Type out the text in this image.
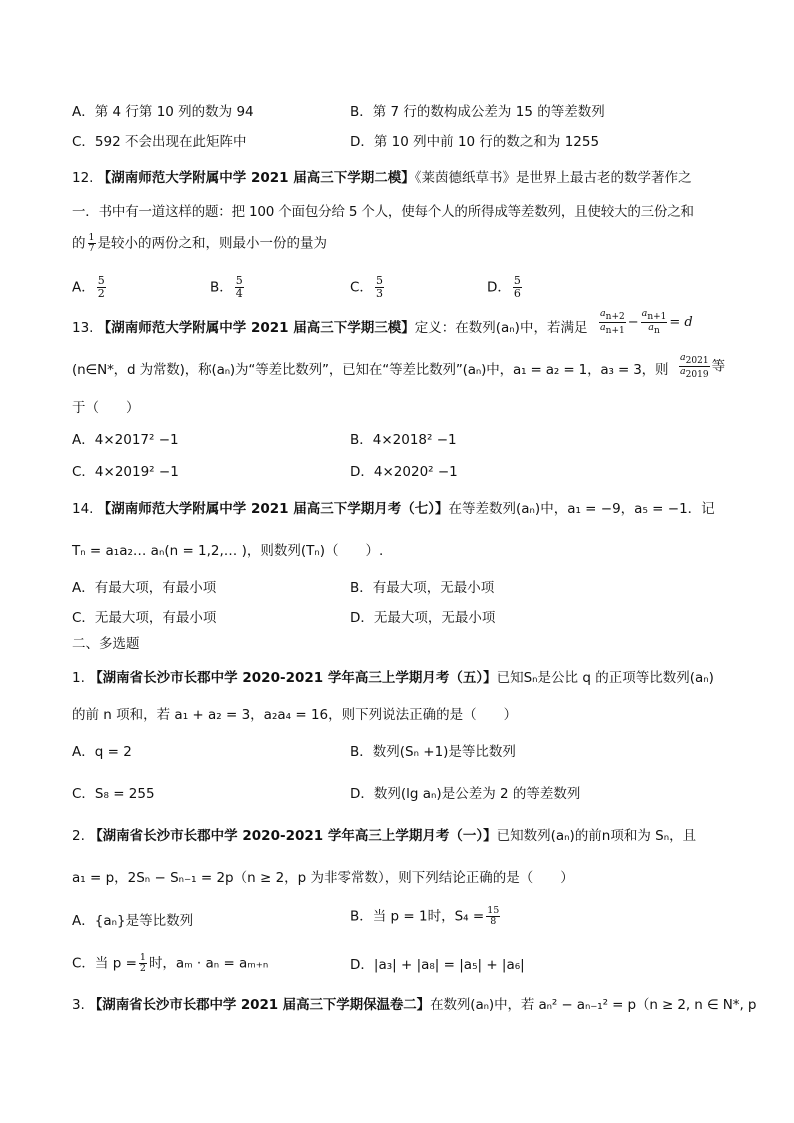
A．第 4 行第 10 列的数为 94	B．第 7 行的数构成公差为 15 的等差数列
C．592 不会出现在此矩阵中	D．第 10 列中前 10 行的数之和为 1255
12. 【湖南师范大学附属中学 2021 届高三下学期二模】《莱茵德纸草书》是世界上最古老的数学著作之
一．书中有一道这样的题：把 100 个面包分给 5 个人，使每个人的所得成等差数列，且使较大的三份之和
的 $\frac{1}{7}$ 是较小的两份之和，则最小一份的量为
A． $\frac{5}{2}$	B． $\frac{5}{4}$	C． $\frac{5}{3}$	D． $\frac{5}{6}$
13. 【湖南师范大学附属中学 2021 届高三下学期三模】定义：在数列(aₙ)中，若满足 $\frac{an+2}{an+1} - \frac{an+1}{an} = d$
(n∈N*，d 为常数)，称(aₙ)为“等差比数列”，已知在“等差比数列”(aₙ)中，a₁ = a₂ = 1，a₃ = 3，则 $\frac{a2021}{a2019}$ 等
于（　　）
A．4×2017² −1	B．4×2018² −1
C．4×2019² −1	D．4×2020² −1
14. 【湖南师范大学附属中学 2021 届高三下学期月考（七）】在等差数列(aₙ)中，a₁ = −9，a₅ = −1．记
Tₙ = a₁a₂… aₙ(n = 1,2,… )，则数列(Tₙ)（　　）.
A．有最大项，有最小项	B．有最大项，无最小项
C．无最大项，有最小项	D．无最大项，无最小项
二、多选题
1. 【湖南省长沙市长郡中学 2020-2021 学年高三上学期月考（五）】已知Sₙ是公比 q 的正项等比数列(aₙ)
的前 n 项和，若 a₁ + a₂ = 3，a₂a₄ = 16，则下列说法正确的是（　　）
A．q = 2	B．数列(Sₙ +1)是等比数列
C．S₈ = 255	D．数列(lg aₙ)是公差为 2 的等差数列
2. 【湖南省长沙市长郡中学 2020-2021 学年高三上学期月考（一）】已知数列(aₙ)的前n项和为 Sₙ，且
a₁ = p，2Sₙ − Sₙ₋₁ = 2p（n ≥ 2，p 为非零常数），则下列结论正确的是（　　）
A．{aₙ}是等比数列	B．当 p = 1时，$S_4 = \frac{15}{8}$
C．当 $p = \frac{1}{2}$ 时，aₘ · aₙ = aₘ₊ₙ	D．|a₃| + |a₈| = |a₅| + |a₆|
3. 【湖南省长沙市长郡中学 2021 届高三下学期保温卷二】在数列(aₙ)中，若 aₙ² − aₙ₋₁² = p（n ≥ 2, n ∈ N*, p
